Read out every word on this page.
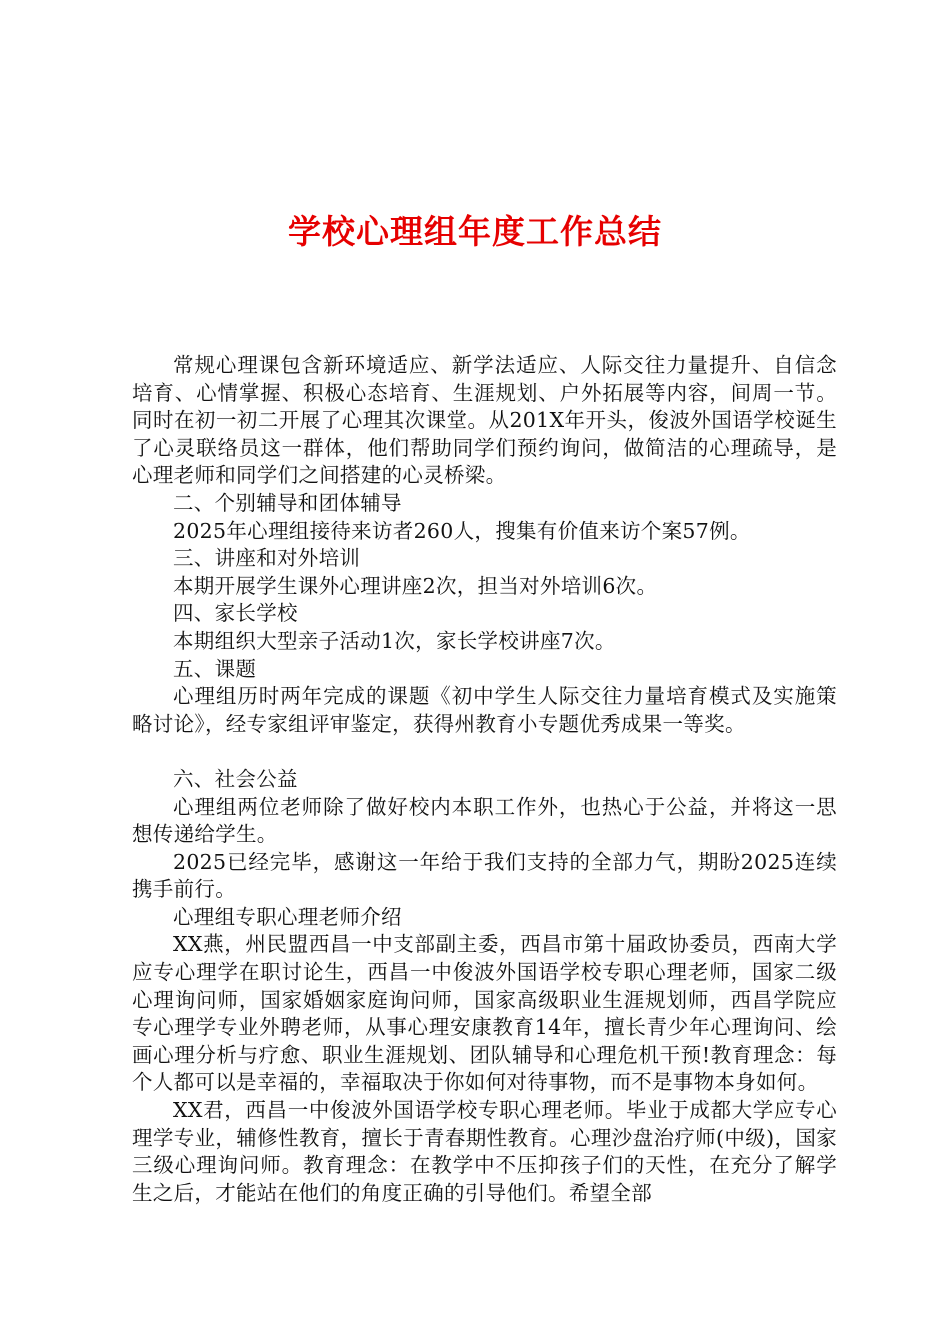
学校心理组年度工作总结

常规心理课包含新环境适应、新学法适应、人际交往力量提升、自信念培育、心情掌握、积极心态培育、生涯规划、户外拓展等内容，间周一节。同时在初一初二开展了心理其次课堂。从201X年开头，俊波外国语学校诞生了心灵联络员这一群体，他们帮助同学们预约询问，做简洁的心理疏导，是心理老师和同学们之间搭建的心灵桥梁。

二、个别辅导和团体辅导

2025年心理组接待来访者260人，搜集有价值来访个案57例。

三、讲座和对外培训

本期开展学生课外心理讲座2次，担当对外培训6次。

四、家长学校

本期组织大型亲子活动1次，家长学校讲座7次。

五、课题

心理组历时两年完成的课题《初中学生人际交往力量培育模式及实施策略讨论》，经专家组评审鉴定，获得州教育小专题优秀成果一等奖。

六、社会公益

心理组两位老师除了做好校内本职工作外，也热心于公益，并将这一思想传递给学生。

2025已经完毕，感谢这一年给于我们支持的全部力气，期盼2025连续携手前行。

心理组专职心理老师介绍

XX燕，州民盟西昌一中支部副主委，西昌市第十届政协委员，西南大学应专心理学在职讨论生，西昌一中俊波外国语学校专职心理老师，国家二级心理询问师，国家婚姻家庭询问师，国家高级职业生涯规划师，西昌学院应专心理学专业外聘老师，从事心理安康教育14年，擅长青少年心理询问、绘画心理分析与疗愈、职业生涯规划、团队辅导和心理危机干预!教育理念：每个人都可以是幸福的，幸福取决于你如何对待事物，而不是事物本身如何。

XX君，西昌一中俊波外国语学校专职心理老师。毕业于成都大学应专心理学专业，辅修性教育，擅长于青春期性教育。心理沙盘治疗师(中级)，国家三级心理询问师。教育理念：在教学中不压抑孩子们的天性，在充分了解学生之后，才能站在他们的角度正确的引导他们。希望全部
